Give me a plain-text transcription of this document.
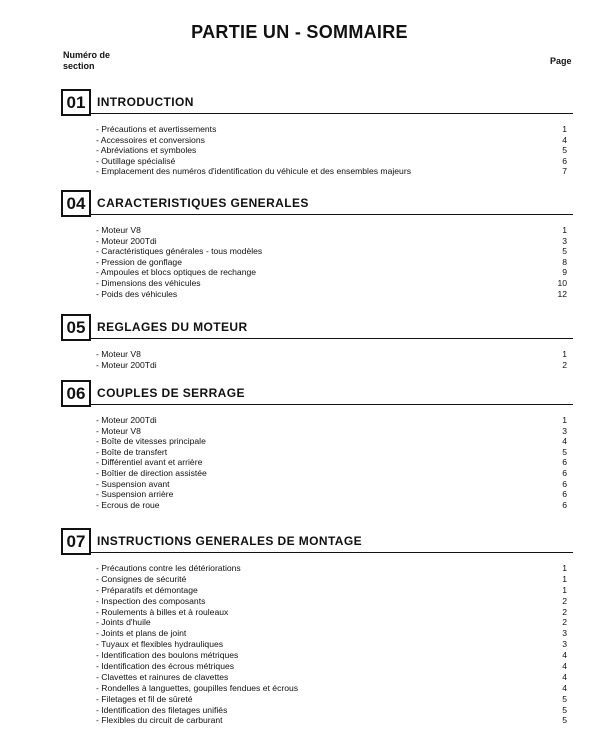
PARTIE UN - SOMMAIRE
Numéro de section	Page
01 INTRODUCTION
- Précautions et avertissements	1
- Accessoires et conversions	4
- Abréviations et symboles	5
- Outillage spécialisé	6
- Emplacement des numéros d'identification du véhicule et des ensembles majeurs	7
04 CARACTERISTIQUES GENERALES
- Moteur V8	1
- Moteur 200Tdi	3
- Caractéristiques générales - tous modèles	5
- Pression de gonflage	8
- Ampoules et blocs optiques de rechange	9
- Dimensions des véhicules	10
- Poids des véhicules	12
05 REGLAGES DU MOTEUR
- Moteur V8	1
- Moteur 200Tdi	2
06 COUPLES DE SERRAGE
- Moteur 200Tdi	1
- Moteur V8	3
- Boîte de vitesses principale	4
- Boîte de transfert	5
- Différentiel avant et arrière	6
- Boîtier de direction assistée	6
- Suspension avant	6
- Suspension arrière	6
- Ecrous de roue	6
07 INSTRUCTIONS GENERALES DE MONTAGE
- Précautions contre les détériorations	1
- Consignes de sécurité	1
- Préparatifs et démontage	1
- Inspection des composants	2
- Roulements à billes et à rouleaux	2
- Joints d'huile	2
- Joints et plans de joint	3
- Tuyaux et flexibles hydrauliques	3
- Identification des boulons métriques	4
- Identification des écrous métriques	4
- Clavettes et rainures de clavettes	4
- Rondelles à languettes, goupilles fendues et écrous	4
- Filetages et fil de sûreté	5
- Identification des filetages unifiés	5
- Flexibles du circuit de carburant	5
